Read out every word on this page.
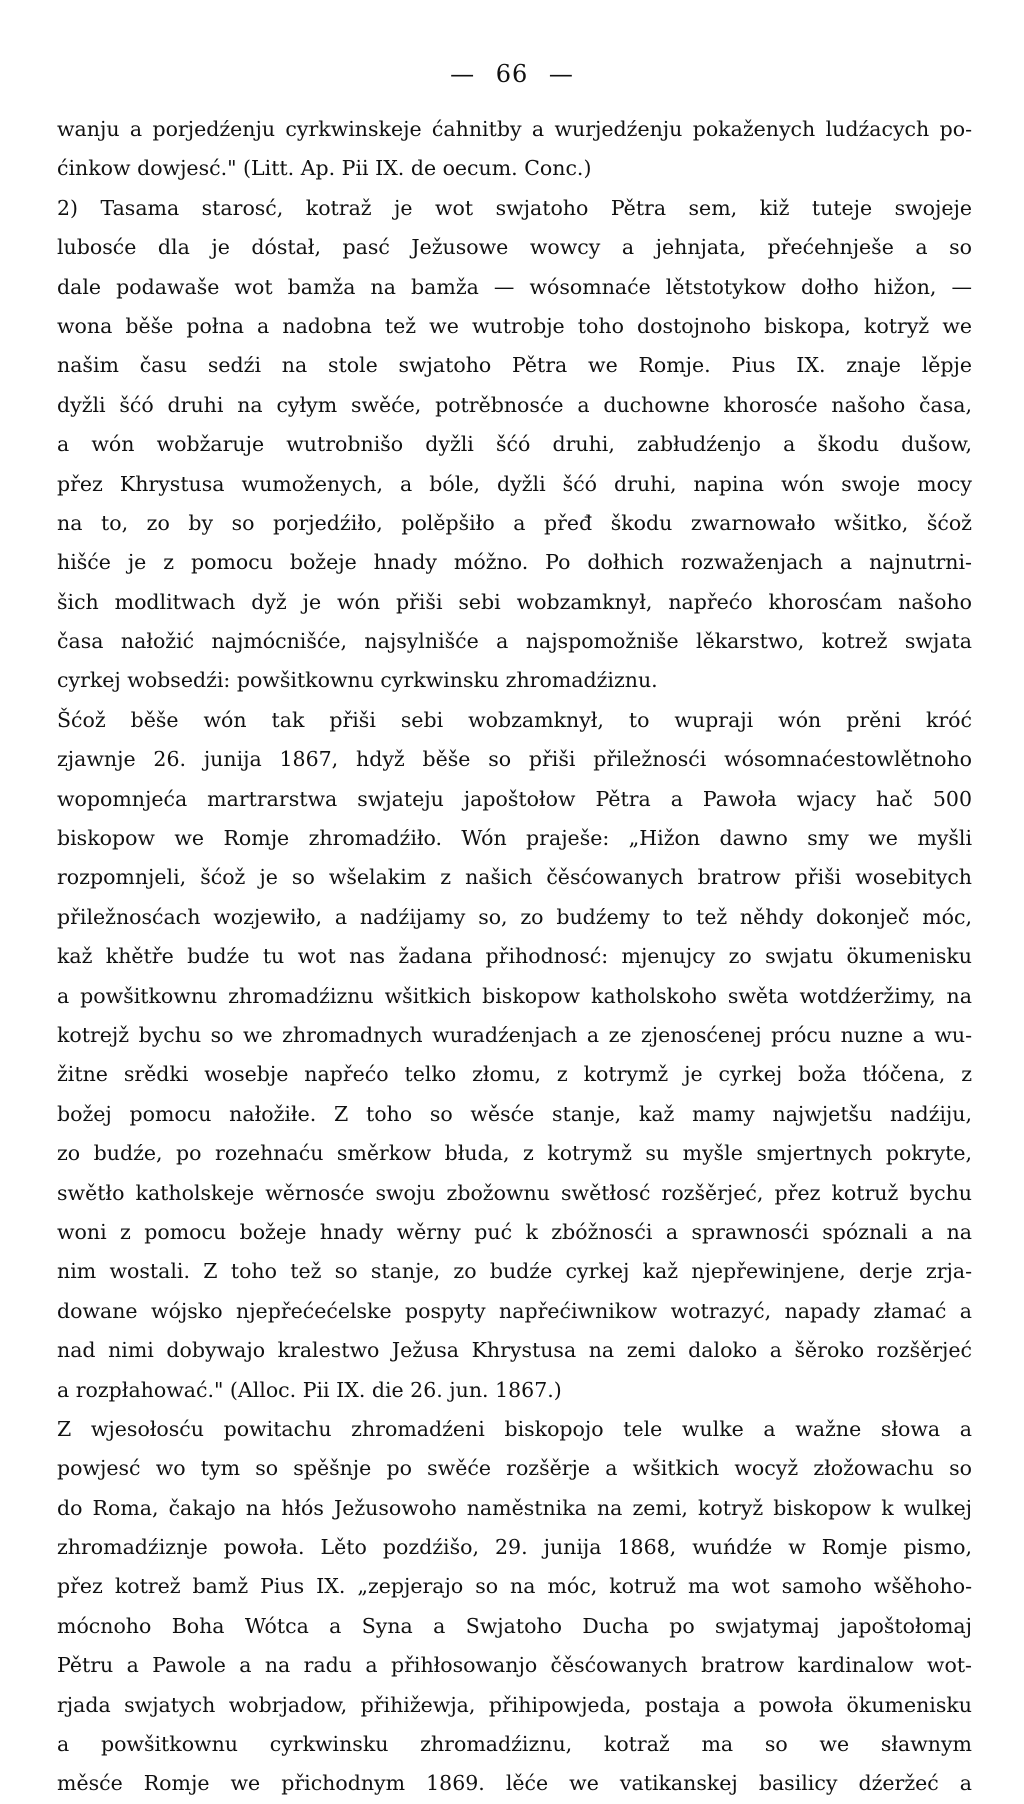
— 66 —
wanju a porjedźenju cyrkwinskeje ćahnitby a wurjedźenju pokaženych ludźacych po-
ćinkow dowjesć." (Litt. Ap. Pii IX. de oecum. Conc.)
2) Tasama starosć, kotraž je wot swjatoho Pětra sem, kiž tuteje swojeje
lubosće dla je dóstał, pasć Ježusowe wowcy a jehnjata, přećehnješe a so
dale podawaše wot bamža na bamža — wósomnaće lětstotykow dołho hižon, —
wona běše połna a nadobna tež we wutrobje toho dostojnoho biskopa, kotryž we
našim času sedźi na stole swjatoho Pětra we Romje. Pius IX. znaje lěpje
dyžli šćó druhi na cyłym swěće, potrěbnosće a duchowne khorosće našoho časa,
a wón wobžaruje wutrobnišo dyžli šćó druhi, zabłudźenjo a škodu dušow,
přez Khrystusa wumoženych, a bóle, dyžli šćó druhi, napina wón swoje mocy
na to, zo by so porjedźiło, polěpšiło a přeđ škodu zwarnowało wšitko, šćož
hišće je z pomocu božeje hnady móžno. Po dołhich rozwaženjach a najnutrni-
šich modlitwach dyž je wón přiši sebi wobzamknył, napřećo khorosćam našoho
časa nałožić najmócnišće, najsylnišće a najspomožniše lěkarstwo, kotrež swjata
cyrkej wobsedźi: powšitkownu cyrkwinsku zhromadźiznu.
Šćož běše wón tak přiši sebi wobzamknył, to wupraji wón prěni króć
zjawnje 26. junija 1867, hdyž běše so přiši přiležnosći wósomnaćestowlětnoho
wopomnjeća martrarstwa swjateju japoštołow Pětra a Pawoła wjacy hač 500
biskopow we Romje zhromadźiło. Wón praješe: „Hižon dawno smy we myšli
rozpomnjeli, šćož je so wšelakim z našich čěsćowanych bratrow přiši wosebitych
přiležnosćach wozjewiło, a nadźijamy so, zo budźemy to tež něhdy dokonječ móc,
kaž khětře budźe tu wot nas žadana přihodnosć: mjenujcy zo swjatu ökumenisku
a powšitkownu zhromadźiznu wšitkich biskopow katholskoho swěta wotdźeržimy, na
kotrejž bychu so we zhromadnych wuradźenjach a ze zjenosćenej prócu nuzne a wu-
žitne srědki wosebje napřećo telko złomu, z kotrymž je cyrkej boža tłóčena, z
božej pomocu nałožiłe. Z toho so wěsće stanje, kaž mamy najwjetšu nadźiju,
zo budźe, po rozehnaću směrkow błuda, z kotrymž su myšle smjertnych pokryte,
swětło katholskeje wěrnosće swoju zbožownu swětłosć rozšěrjeć, přez kotruž bychu
woni z pomocu božeje hnady wěrny puć k zbóžnosći a sprawnosći spóznali a na
nim wostali. Z toho tež so stanje, zo budźe cyrkej kaž njepřewinjene, derje zrja-
dowane wójsko njepřećećelske pospyty napřećiwnikow wotrazyć, napady złamać a
nad nimi dobywajo kralestwo Ježusa Khrystusa na zemi daloko a šěroko rozšěrjeć
a rozpłahować." (Alloc. Pii IX. die 26. jun. 1867.)
Z wjesołosću powitachu zhromadźeni biskopojo tele wulke a wažne słowa a
powjesć wo tym so spěšnje po swěće rozšěrje a wšitkich wocyž złožowachu so
do Roma, čakajo na hłós Ježusowoho naměstnika na zemi, kotryž biskopow k wulkej
zhromadźiznje powoła. Lěto pozdźišo, 29. junija 1868, wuńdźe w Romje pismo,
přez kotrež bamž Pius IX. „zepjerajo so na móc, kotruž ma wot samoho wšěhoho-
mócnoho Boha Wótca a Syna a Swjatoho Ducha po swjatymaj japoštołomaj
Pětru a Pawole a na radu a přihłosowanjo čěsćowanych bratrow kardinalow wot-
rjada swjatych wobrjadow, přihižewja, přihipowjeda, postaja a powoła ökumenisku
a powšitkownu cyrkwinsku zhromadźiznu, kotraž ma so we sławnym
měsće Romje we přichodnym 1869. lěće we vatikanskej basilicy dźeržeć a
